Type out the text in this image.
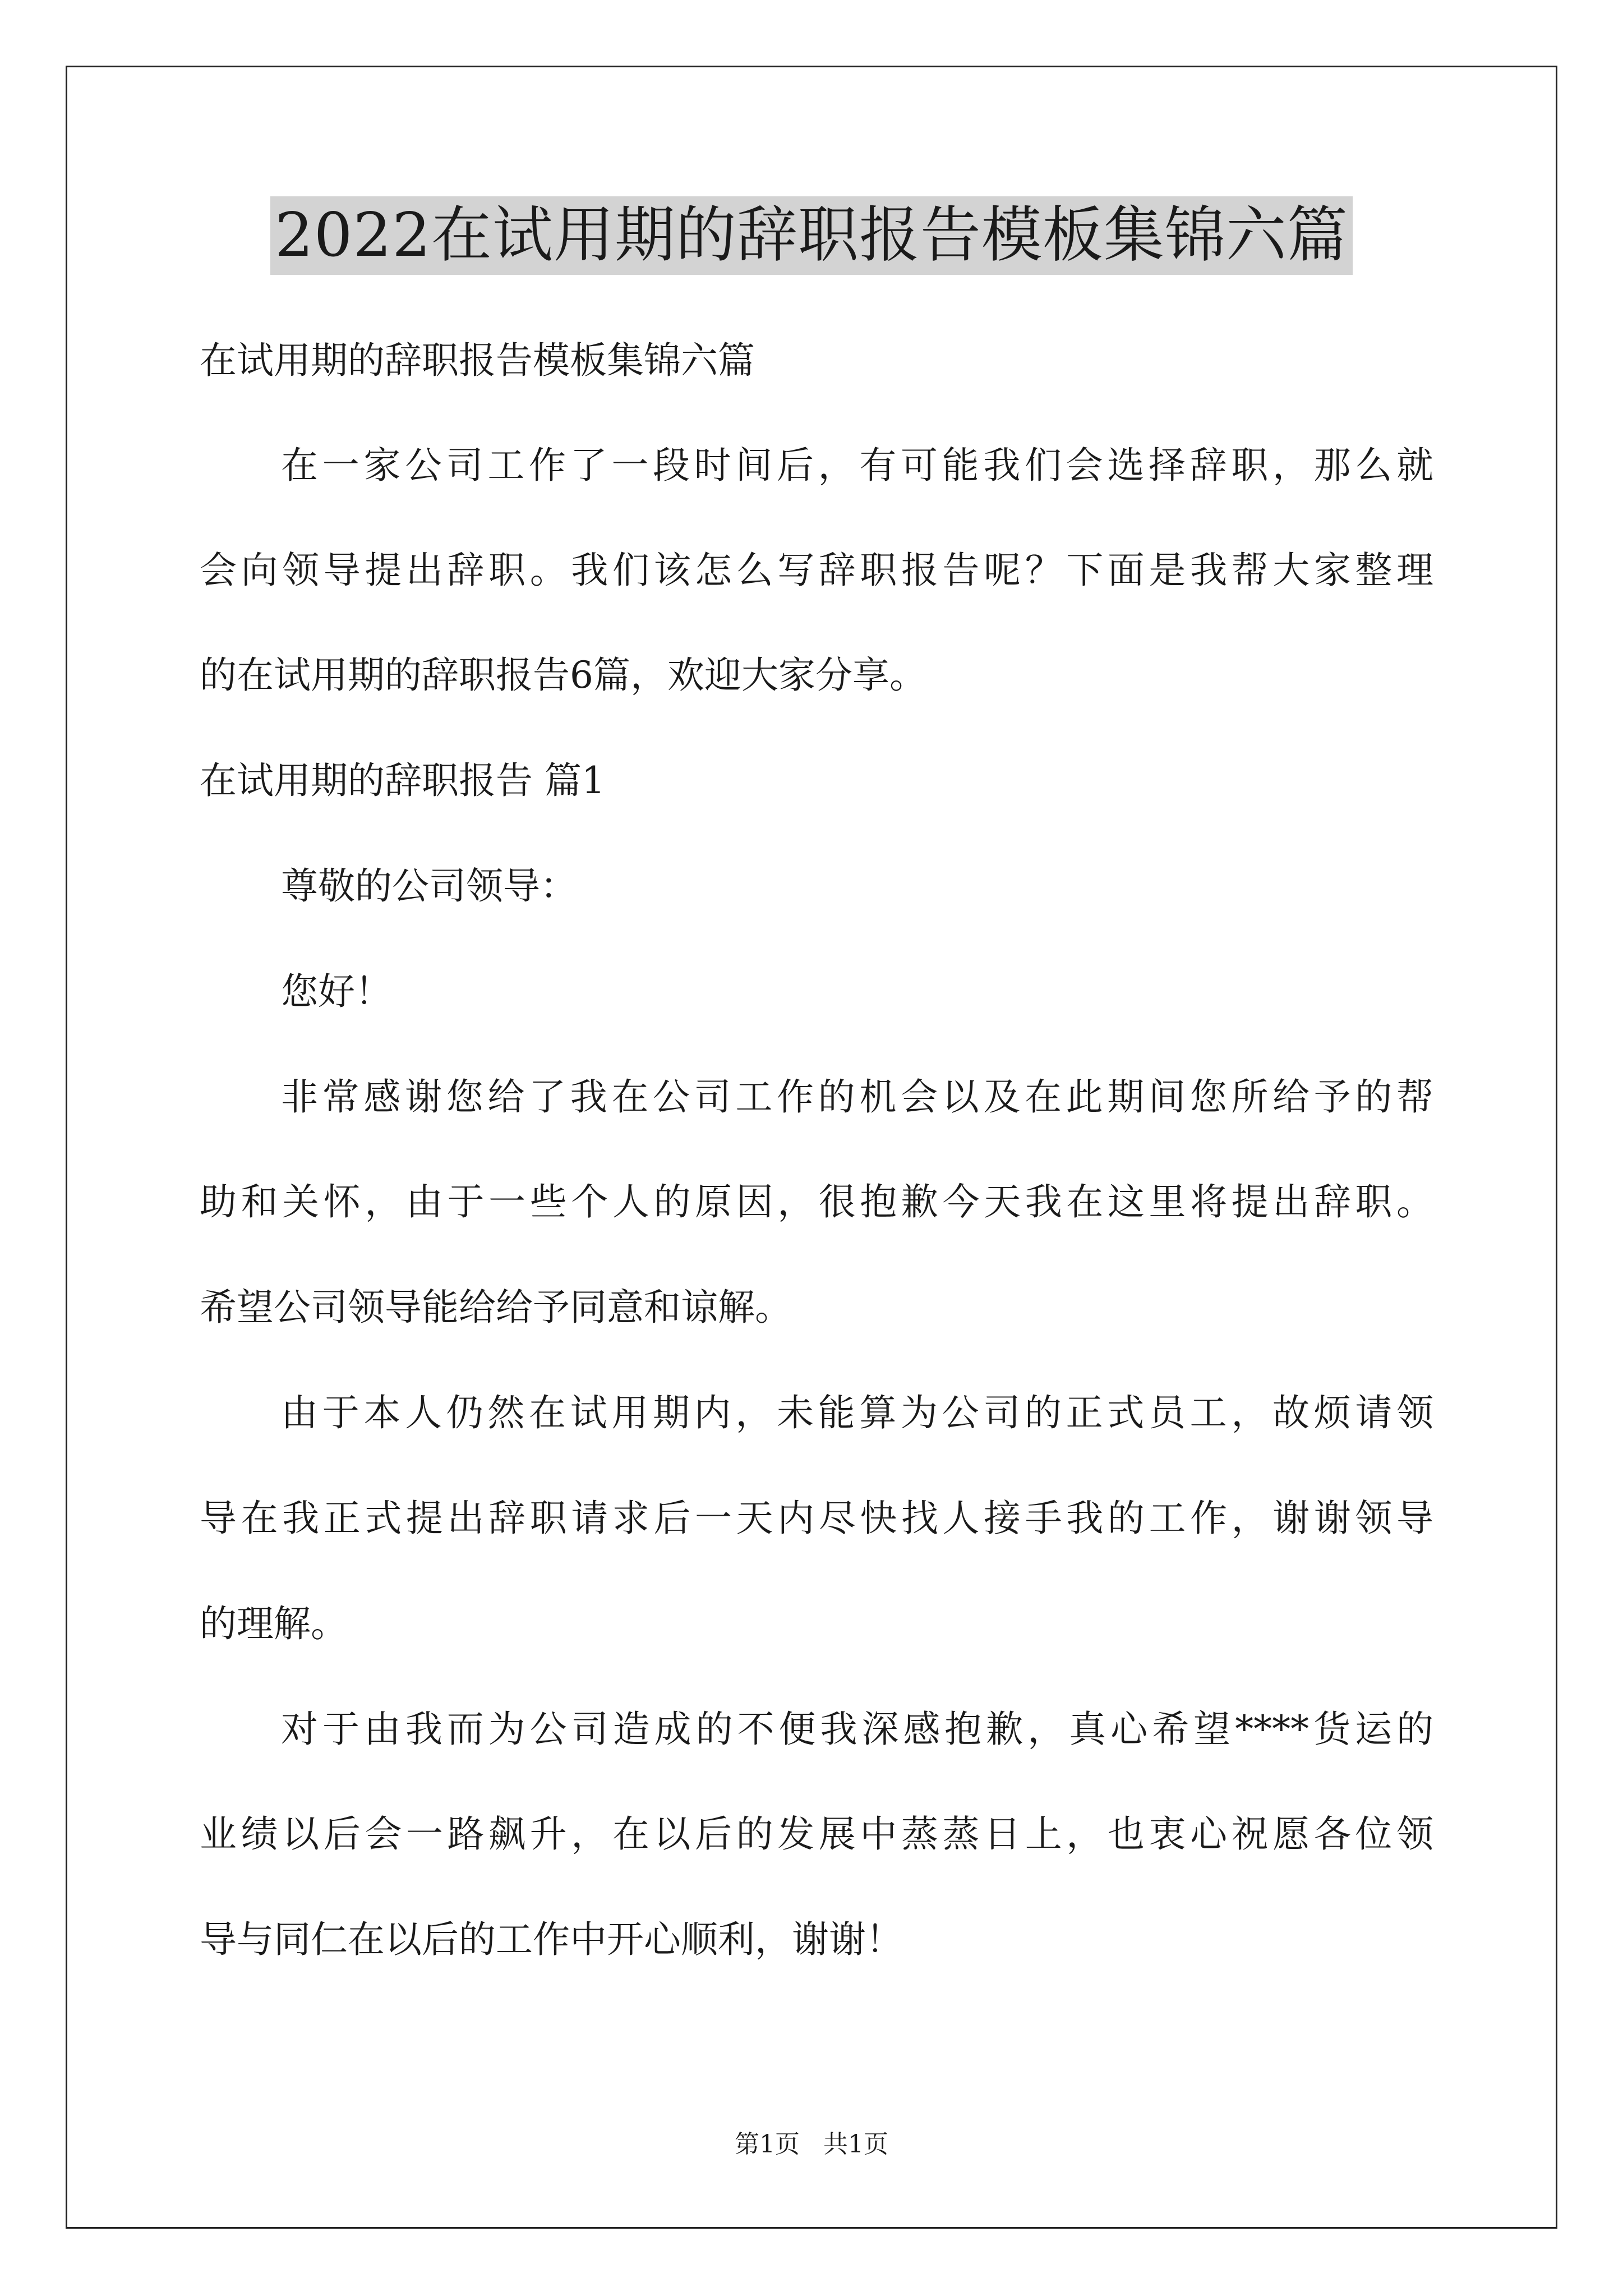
2022在试用期的辞职报告模板集锦六篇
在试用期的辞职报告模板集锦六篇
在一家公司工作了一段时间后，有可能我们会选择辞职，那么就
会向领导提出辞职。我们该怎么写辞职报告呢？下面是我帮大家整理
的在试用期的辞职报告6篇，欢迎大家分享。
在试用期的辞职报告 篇1
尊敬的公司领导：
您好！
非常感谢您给了我在公司工作的机会以及在此期间您所给予的帮
助和关怀，由于一些个人的原因，很抱歉今天我在这里将提出辞职。
希望公司领导能给给予同意和谅解。
由于本人仍然在试用期内，未能算为公司的正式员工，故烦请领
导在我正式提出辞职请求后一天内尽快找人接手我的工作，谢谢领导
的理解。
对于由我而为公司造成的不便我深感抱歉，真心希望****货运的
业绩以后会一路飙升，在以后的发展中蒸蒸日上，也衷心祝愿各位领
导与同仁在以后的工作中开心顺利，谢谢！
第1页   共1页
